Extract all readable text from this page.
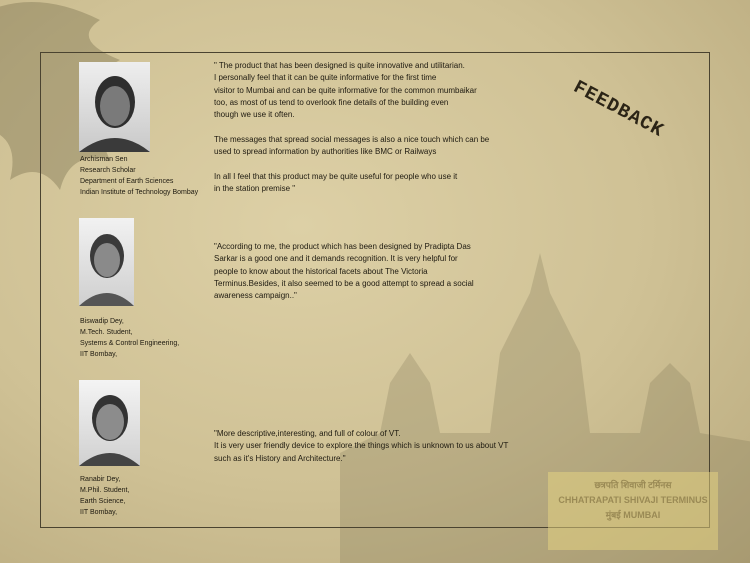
FEEDBACK
Archisman Sen
Research Scholar
Department of Earth Sciences
Indian Institute of Technology Bombay
" The product that has been designed is quite innovative and utilitarian.
I personally feel that it can be quite informative for the first time
visitor to Mumbai and can be quite informative for the common mumbaikar
too, as most of us tend to overlook fine details of the building even
though we use it often.
The messages that spread social messages is also a nice touch which can be
used to spread information by authorities like BMC or Railways
In all I feel that this product may be quite useful for people who use it
in the station premise "
Biswadip Dey,
M.Tech. Student,
Systems & Control Engineering,
IIT Bombay,
"According to me, the product which has been designed by Pradipta Das
Sarkar is a good one and it demands recognition. It is very helpful for
people to know about the historical facets about The Victoria
Terminus.Besides, it also seemed to be a good attempt to spread a social
awareness campaign.."
Ranabir Dey,
M.Phil. Student,
Earth Science,
IIT Bombay,
"More descriptive,interesting, and full of colour of VT.
It is very user friendly device to explore the things which is unknown to us about VT
such as it's History and Architecture."
छत्रपति शिवाजी टर्मिनस
CHHATRAPATI SHIVAJI TERMINUS
मुंबई MUMBAI
